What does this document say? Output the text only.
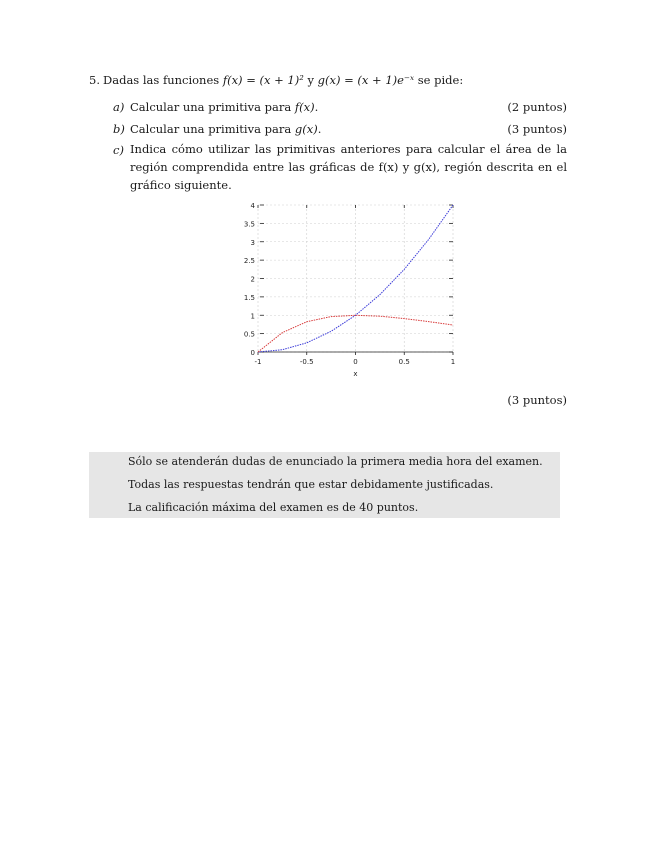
5. Dadas las funciones f(x) = (x + 1)² y g(x) = (x + 1)e⁻ˣ se pide:
a) Calcular una primitiva para f(x).	(2 puntos)
b) Calcular una primitiva para g(x).	(3 puntos)
c) Indica cómo utilizar las primitivas anteriores para calcular el área de la región comprendida entre las gráficas de f(x) y g(x), región descrita en el gráfico siguiente.
(3 puntos)
0
0.5
1
1.5
2
2.5
3
3.5
4
-1	-0.5	0	0.5	1
x
Sólo se atenderán dudas de enunciado la primera media hora del examen.
Todas las respuestas tendrán que estar debidamente justificadas.
La calificación máxima del examen es de 40 puntos.
